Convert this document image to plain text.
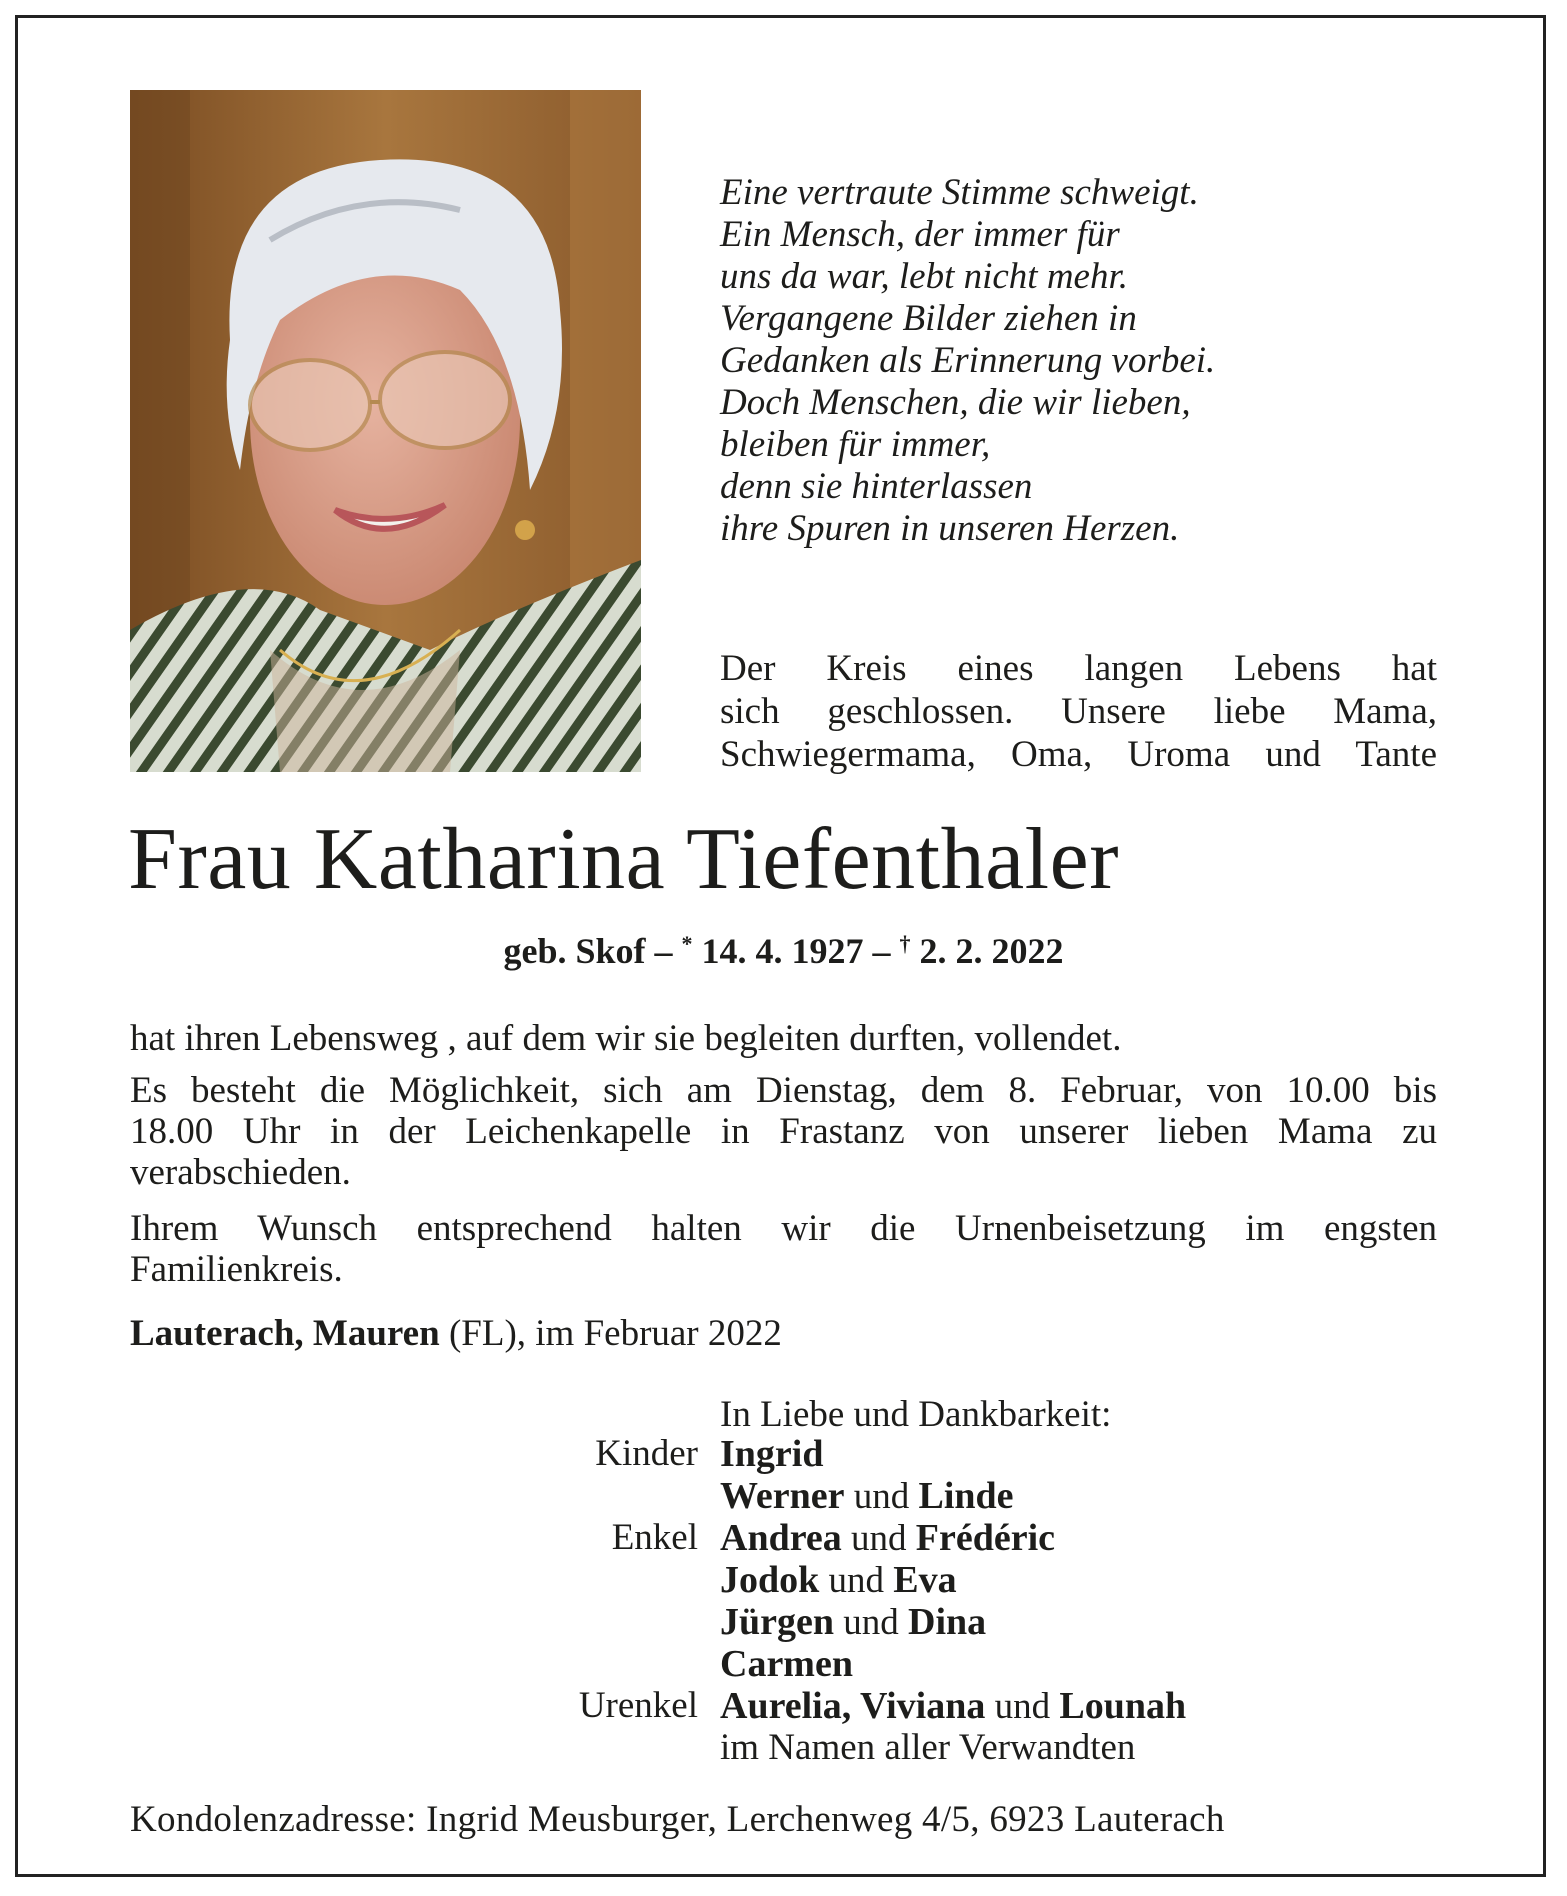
Eine vertraute Stimme schweigt.
Ein Mensch, der immer für
uns da war, lebt nicht mehr.
Vergangene Bilder ziehen in
Gedanken als Erinnerung vorbei.
Doch Menschen, die wir lieben,
bleiben für immer,
denn sie hinterlassen
ihre Spuren in unseren Herzen.
Der Kreis eines langen Lebens hat
sich geschlossen. Unsere liebe Mama,
Schwiegermama, Oma, Uroma und Tante
Frau Katharina Tiefenthaler
geb. Skof – * 14. 4. 1927 – † 2. 2. 2022
hat ihren Lebensweg , auf dem wir sie begleiten durften, vollendet.
Es besteht die Möglichkeit, sich am Dienstag, dem 8. Februar, von 10.00 bis
18.00 Uhr in der Leichenkapelle in Frastanz von unserer lieben Mama zu
verabschieden.
Ihrem Wunsch entsprechend halten wir die Urnenbeisetzung im engsten
Familienkreis.
Lauterach, Mauren (FL), im Februar 2022
In Liebe und Dankbarkeit:
Kinder Ingrid
Werner und Linde
Enkel Andrea und Frédéric
Jodok und Eva
Jürgen und Dina
Carmen
Urenkel Aurelia, Viviana und Lounah
im Namen aller Verwandten
Kondolenzadresse: Ingrid Meusburger, Lerchenweg 4/5, 6923 Lauterach
